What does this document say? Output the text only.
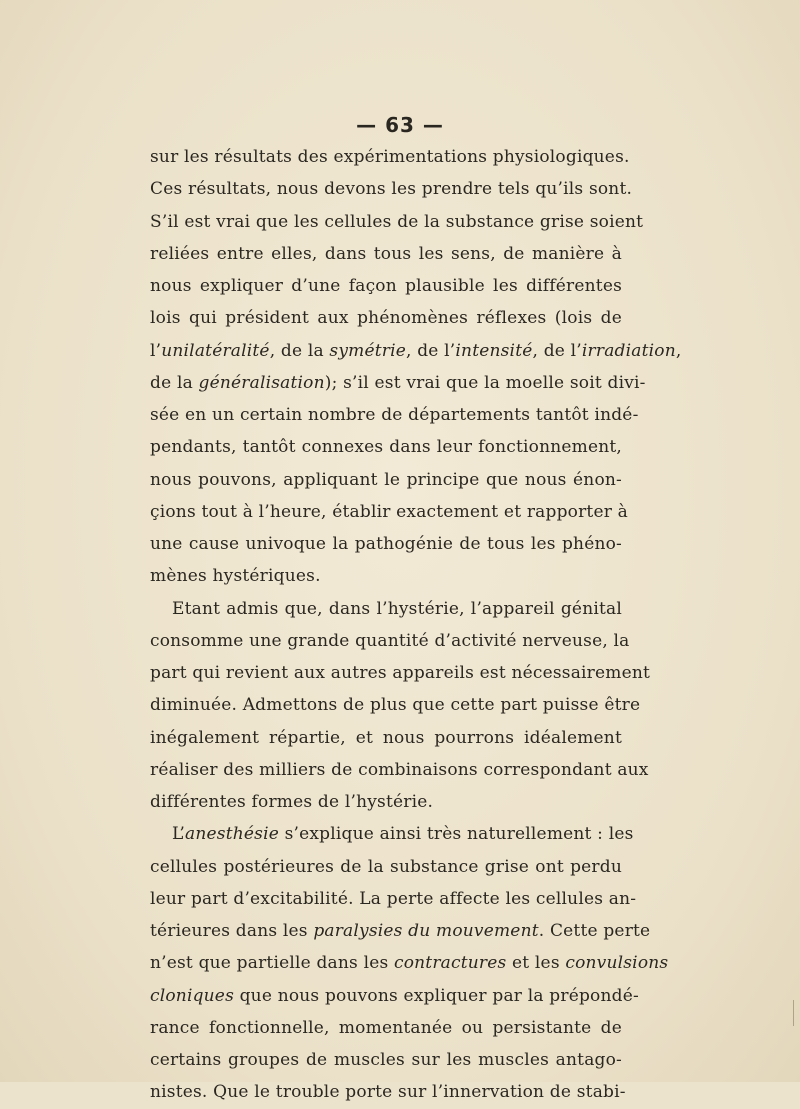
— 63 —
sur les résultats des expérimentations physiologiques.
Ces résultats, nous devons les prendre tels qu’ils sont.
S’il est vrai que les cellules de la substance grise soient
reliées entre elles, dans tous les sens, de manière à
nous expliquer d’une façon plausible les différentes
lois qui président aux phénomènes réflexes (lois de
l’unilatéralité, de la symétrie, de l’intensité, de l’irradiation,
de la généralisation); s’il est vrai que la moelle soit divi-
sée en un certain nombre de départements tantôt indé-
pendants, tantôt connexes dans leur fonctionnement,
nous pouvons, appliquant le principe que nous énon-
çions tout à l’heure, établir exactement et rapporter à
une cause univoque la pathogénie de tous les phéno-
mènes hystériques.
Etant admis que, dans l’hystérie, l’appareil génital
consomme une grande quantité d’activité nerveuse, la
part qui revient aux autres appareils est nécessairement
diminuée. Admettons de plus que cette part puisse être
inégalement répartie, et nous pourrons idéalement
réaliser des milliers de combinaisons correspondant aux
différentes formes de l’hystérie.
L’anesthésie s’explique ainsi très naturellement : les
cellules postérieures de la substance grise ont perdu
leur part d’excitabilité. La perte affecte les cellules an-
térieures dans les paralysies du mouvement. Cette perte
n’est que partielle dans les contractures et les convulsions
cloniques que nous pouvons expliquer par la prépondé-
rance fonctionnelle, momentanée ou persistante de
certains groupes de muscles sur les muscles antago-
nistes. Que le trouble porte sur l’innervation de stabi-
